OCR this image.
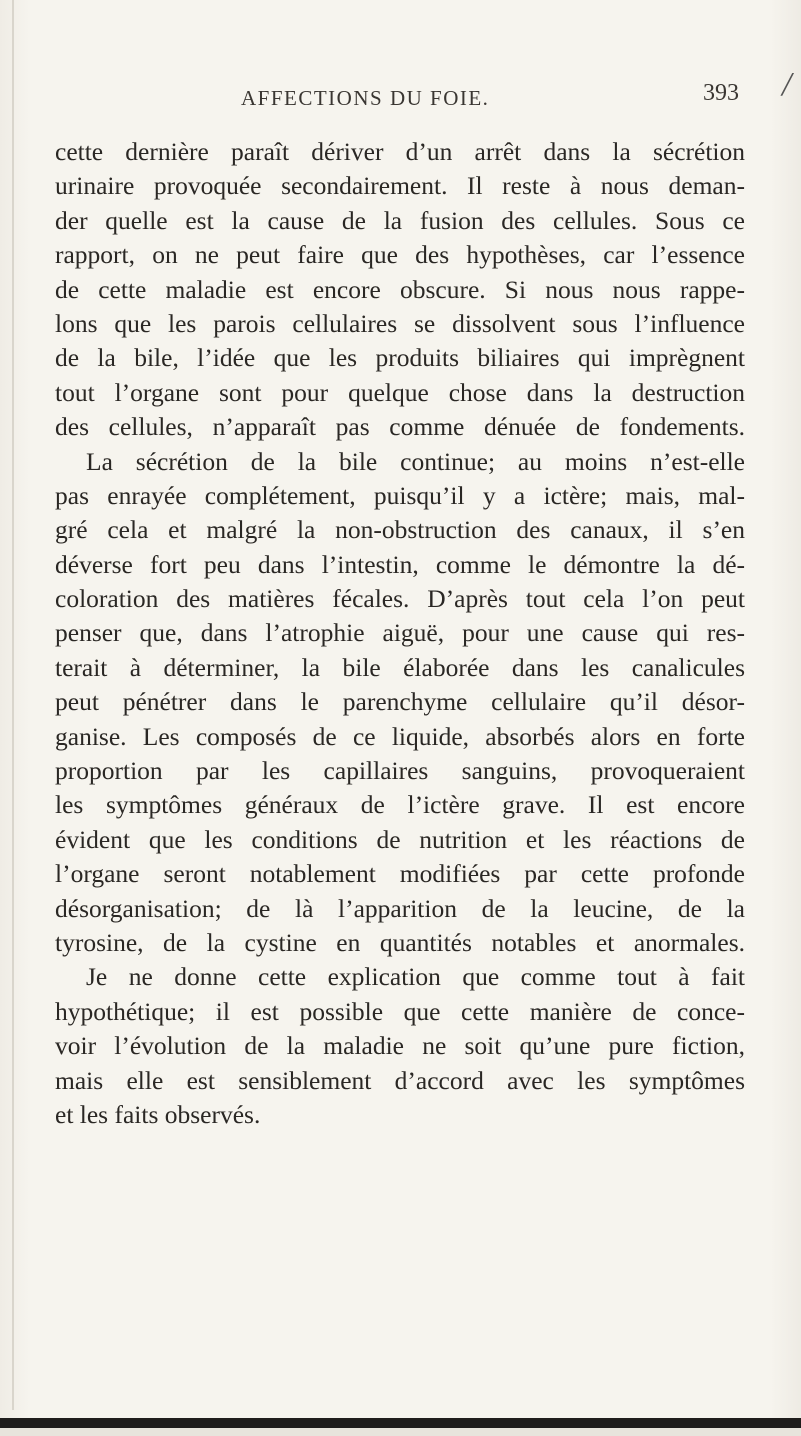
/
AFFECTIONS DU FOIE.	393
cette dernière paraît dériver d’un arrêt dans la sécrétion
urinaire provoquée secondairement. Il reste à nous deman-
der quelle est la cause de la fusion des cellules. Sous ce
rapport, on ne peut faire que des hypothèses, car l’essence
de cette maladie est encore obscure. Si nous nous rappe-
lons que les parois cellulaires se dissolvent sous l’influence
de la bile, l’idée que les produits biliaires qui imprègnent
tout l’organe sont pour quelque chose dans la destruction
des cellules, n’apparaît pas comme dénuée de fondements.
La sécrétion de la bile continue; au moins n’est-elle
pas enrayée complétement, puisqu’il y a ictère; mais, mal-
gré cela et malgré la non-obstruction des canaux, il s’en
déverse fort peu dans l’intestin, comme le démontre la dé-
coloration des matières fécales. D’après tout cela l’on peut
penser que, dans l’atrophie aiguë, pour une cause qui res-
terait à déterminer, la bile élaborée dans les canalicules
peut pénétrer dans le parenchyme cellulaire qu’il désor-
ganise. Les composés de ce liquide, absorbés alors en forte
proportion par les capillaires sanguins, provoqueraient
les symptômes généraux de l’ictère grave. Il est encore
évident que les conditions de nutrition et les réactions de
l’organe seront notablement modifiées par cette profonde
désorganisation; de là l’apparition de la leucine, de la
tyrosine, de la cystine en quantités notables et anormales.
Je ne donne cette explication que comme tout à fait
hypothétique; il est possible que cette manière de conce-
voir l’évolution de la maladie ne soit qu’une pure fiction,
mais elle est sensiblement d’accord avec les symptômes
et les faits observés.
